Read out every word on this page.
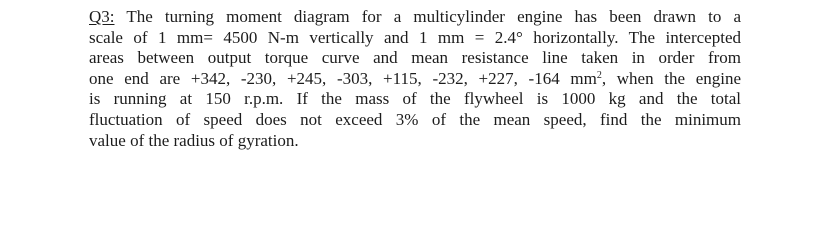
Q3: The turning moment diagram for a multicylinder engine has been drawn to a
scale of 1 mm= 4500 N-m vertically and 1 mm = 2.4° horizontally. The intercepted
areas between output torque curve and mean resistance line taken in order from
one end are +342, -230, +245, -303, +115, -232, +227, -164 $mm^2$, when the engine
is running at 150 r.p.m. If the mass of the flywheel is 1000 kg and the total
fluctuation of speed does not exceed 3% of the mean speed, find the minimum
value of the radius of gyration.
